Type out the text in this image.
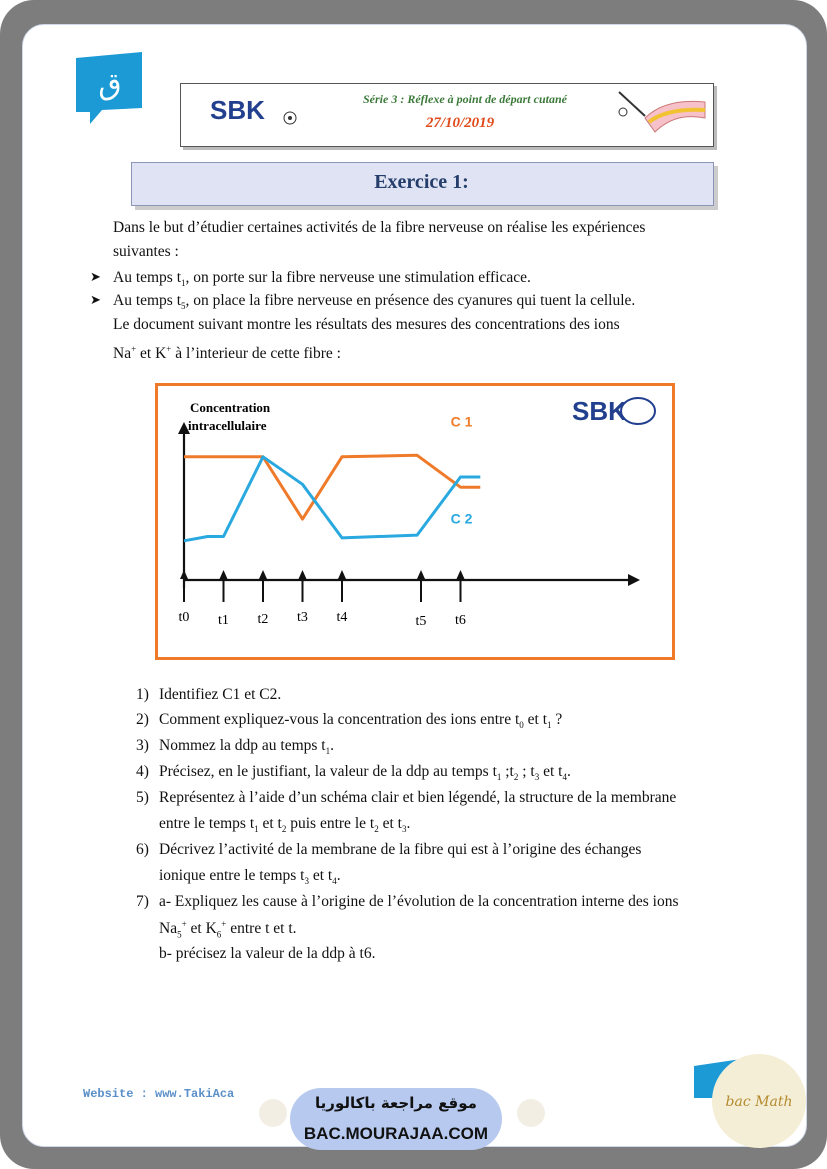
ق
SBK	Série 3 : Réflexe à point de départ cutané
27/10/2019
Exercice 1:
Dans le but d’étudier certaines activités de la fibre nerveuse on réalise les expériences
suivantes :
➤ Au temps $t_1$, on porte sur la fibre nerveuse une stimulation efficace.
➤ Au temps $t_5$, on place la fibre nerveuse en présence des cyanures qui tuent la cellule.
Le document suivant montre les résultats des mesures des concentrations des ions
Na+ et K+ à l’interieur de cette fibre :
Concentration
intracellulaire	SBK
C 1
C 2
t0 t1 t2 t3 t4	t5 t6
1) Identifiez C1 et C2.
2) Comment expliquez-vous la concentration des ions entre $t_0$ et $t_1$ ?
3) Nommez la ddp au temps $t_1$.
4) Précisez, en le justifiant, la valeur de la ddp au temps $t_1$ $;t_2$ ; $t_3$ et $t_4$.
5) Représentez à l’aide d’un schéma clair et bien légendé, la structure de la membrane
entre le temps $t_1$ et $t_2$ puis entre le $t_2$ et $t_3$.
6) Décrivez l’activité de la membrane de la fibre qui est à l’origine des échanges
ionique entre le temps $t_3$ et $t_4$.
7) a- Expliquez les cause à l’origine de l’évolution de la concentration interne des ions
$Na_5^+$ et $K_6^+$ entre t et t.
b- précisez la valeur de la ddp à t6.
Website : www.TakiAca	موقع مراجعة باكالوريا
BAC.MOURAJAA.COM
bac Math
